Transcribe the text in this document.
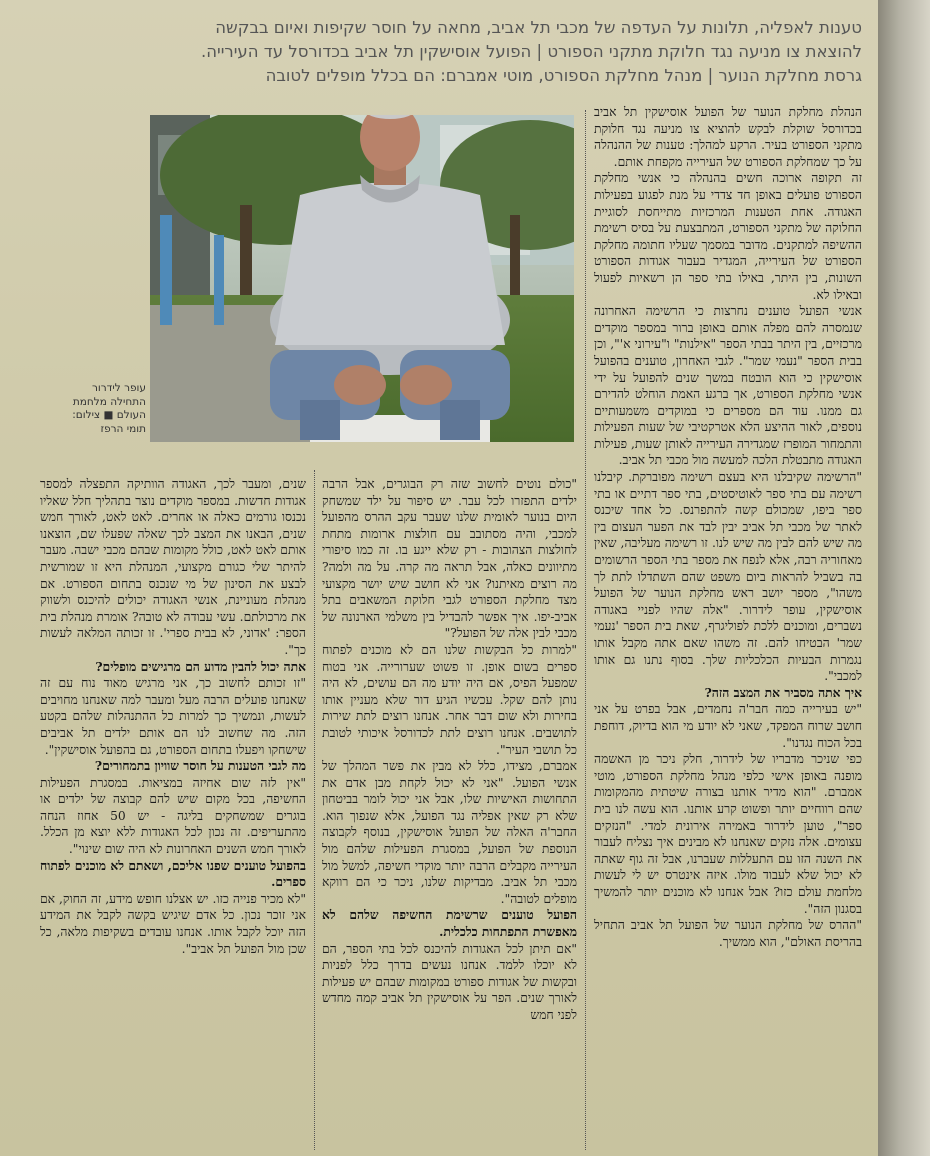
טענות לאפליה, תלונות על העדפה של מכבי תל אביב, מחאה על חוסר שקיפות ואיום בבקשה
להוצאת צו מניעה נגד חלוקת מתקני הספורט | הפועל אוסישקין תל אביב בכדורסל עד העירייה.
גרסת מחלקת הנוער | מנהל מחלקת הספורט, מוטי אמברם: הם בכלל מופלים לטובה
עופר לידרור התחילה מלחמת העולם ■ צילום: תומי הרפז

הנהלת מחלקת הנוער של הפועל אוסישקין תל אביב בכדורסל שוקלת לבקש להוציא צו מניעה נגד חלוקת מתקני הספורט בעיר. הרקע למהלך: טענות של ההנהלה על כך שמחלקת הספורט של העירייה מקפחת אותם.

זה תקופה ארוכה חשים בהנהלה כי אנשי מחלקת הספורט פועלים באופן חד צדדי על מנת לפגוע בפעילות האגודה. אחת הטענות המרכזיות מתייחסת לסוגיית החלוקה של מתקני הספורט, המתבצעת על בסיס רשימת ההשיפה למתקנים. מדובר במסמך שעליו חתומה מחלקת הספורט של העירייה, המגדיר בעבור אגודות הספורט השונות, בין היתר, באילו בתי ספר הן רשאיות לפעול ובאילו לא.

אנשי הפועל טוענים נחרצות כי הרשימה האחרונה שנמסרה להם מפלה אותם באופן ברור במספר מוקדים מרכזיים, בין היתר בבתי הספר "אילנות" ו"עירוני א'", וכן בבית הספר "נעמי שמר". לגבי האחרון, טוענים בהפועל אוסישקין כי הוא הובטח במשך שנים להפועל על ידי אנשי מחלקת הספורט, אך ברגע האמת הוחלט להדירם גם ממנו. עוד הם מספרים כי במוקדים משמעותיים נוספים, לאור ההיצע הלא אטרקטיבי של שעות הפעילות והתמחור המופרז שמגדירה העירייה לאותן שעות, פעילות האגודה מתבטלת הלכה למעשה מול מכבי תל אביב.

"הרשימה שקיבלנו היא בעצם רשימה מפוברקת. קיבלנו רשימה עם בתי ספר לאוטיסטים, בתי ספר דתיים או בתי ספר ביפו, שמכולם קשה להתפרנס. כל אחד שיכנס לאתר של מכבי תל אביב יבין לבד את הפער העצום בין מה שיש להם לבין מה שיש לנו. זו רשימה מעליבה, שאין מאחוריה רבה, אלא לנפח את מספר בתי הספר הרשומים בה בשביל להראות ביום משפט שהם השתדלו לתת לך משהו", מספר יושב ראש מחלקת הנוער של הפועל אוסישקין, עופר לידרור. "אלה שהיו לפניי באגודה נשברים, ומוכנים ללכת לפוליגרף, שאת בית הספר 'נעמי שמר' הבטיחו להם. זה משהו שאם אתה מקבל אותו נגמרות הבעיות הכלכליות שלך. בסוף נתנו גם אותו למכבי".

איך אתה מסביר את המצב הזה?

"יש בעירייה כמה חבר'ה נחמדים, אבל בפרט על אני חושב שרוח המפקד, שאני לא יודע מי הוא בדיוק, דוחפת בכל הכוח נגדנו".

כפי שניכר מדבריו של לידרור, חלק ניכר מן האשמה מופנה באופן אישי כלפי מנהל מחלקת הספורט, מוטי אמברם. "הוא מדיר אותנו בצורה שיטתית מהמקומות שהם רווחיים יותר ופשוט קרע אותנו. הוא עשה לנו בית ספר", טוען לידרור באמירה אירונית למדי. "הנזקים עצומים. אלה נזקים שאנחנו לא מבינים איך נצליח לעבור את השנה הזו עם התעללות שעברנו, אבל זה גוף שאתה לא יכול שלא לעבוד מולו. איזה אינטרס יש לי לעשות מלחמת עולם כזו? אבל אנחנו לא מוכנים יותר להמשיך בסגנון הזה".

"ההרס של מחלקת הנוער של הפועל תל אביב התחיל בהריסת האולם", הוא ממשיך.

"כולם נוטים לחשוב שזה רק הבוגרים, אבל הרבה ילדים התפזרו לכל עבר. יש סיפור על ילד שמשחק היום בנוער לאומית שלנו שעבר עקב ההרס מהפועל למכבי, והיה מסתובב עם חולצות ארומות מתחת לחולצות הצהובות - רק שלא ייגע בו. זה כמו סיפורי מתיוונים כאלה, אבל תראה מה קרה. על מה ולמה? מה רוצים מאיתנו? אני לא חושב שיש יושר מקצועי מצד מחלקת הספורט לגבי חלוקת המשאבים בתל אביב-יפו. איך אפשר להבדיל בין משלמי הארנונה של מכבי לבין אלה של הפועל?"

"למרות כל הבקשות שלנו הם לא מוכנים לפתוח ספרים בשום אופן. זו פשוט שערורייה. אני בטוח שמפעל הפיס, אם היה יודע מה הם עושים, לא היה נותן להם שקל. עכשיו הגיע דור שלא מעניין אותו בחירות ולא שום דבר אחר. אנחנו רוצים לתת שירות לתושבים. אנחנו רוצים לתת לכדורסל איכותי לטובת כל תושבי העיר".

אמברם, מצידו, כלל לא מבין את פשר המהלך של אנשי הפועל. "אני לא יכול לקחת מבן אדם את התחושות האישיות שלו, אבל אני יכול לומר בביטחון שלא רק שאין אפליה נגד הפועל, אלא שנפוך הוא. החבר'ה האלה של הפועל אוסישקין, בנוסף לקבוצה הנוספת של הפועל, במסגרת הפעילות שלהם מול העירייה מקבלים הרבה יותר מוקדי חשיפה, למשל מול מכבי תל אביב. מבדיקות שלנו, ניכר כי הם רווקא מופלים לטובה".

הפועל טוענים שרשימת החשיפה שלהם לא מאפשרת התפתחות כלכלית.

"אם תיתן לכל האגודות להיכנס לכל בתי הספר, הם לא יוכלו ללמד. אנחנו נעשים בדרך כלל לפניות ובקשות של אגודות ספורט במקומות שבהם יש פעילות לאורך שנים. הפר על אוסישקין תל אביב קמה מחדש לפני חמש

שנים, ומעבר לכך, האגודה הוותיקה התפצלה למספר אגודות חדשות. במספר מוקדים נוצר בתהליך חלל שאליו נכנסו גורמים כאלה או אחרים. לאט לאט, לאורך חמש שנים, הבאנו את המצב לכך שאלה שפעלו שם, הוצאנו אותם לאט לאט, כולל מקומות שבהם מכבי ישבה. מעבר להיתר שלי כגורם מקצועי, המנהלת היא זו שמורשית לבצע את הסינון של מי שנכנס בתחום הספורט. אם מנהלת מעוניינת, אנשי האגודה יכולים להיכנס ולשווק את מרכולתם. עשי עבודה לא טובה? אומרת מנהלת בית הספר: 'אדוני, לא בבית ספרי'. זו זכותה המלאה לעשות כך".

אתה יכול להבין מדוע הם מרגישים מופלים?

"זו זכותם לחשוב כך, אני מרגיש מאוד נוח עם זה שאנחנו פועלים הרבה מעל ומעבר למה שאנחנו מחויבים לעשות, ונמשיך כך למרות כל ההתנהלות שלהם בקטע הזה. מה שחשוב לנו הם אותם ילדים תל אביבים שישחקו ויפעלו בתחום הספורט, גם בהפועל אוסישקין".

מה לגבי הטענות על חוסר שוויון בתמחורים?

"אין לזה שום אחיזה במציאות. במסגרת הפעילות החשיפה, בכל מקום שיש להם קבוצה של ילדים או בוגרים שמשחקים בליגה - יש 50 אחוז הנחה מהתעריפים. זה נכון לכל האגודות ללא יוצא מן הכלל. לאורך חמש השנים האחרונות לא היה שום שינוי".

בהפועל טוענים שפנו אליכם, ושאתם לא מוכנים לפתוח ספרים.

"לא מכיר פנייה כזו. יש אצלנו חופש מידע, זה החוק, אם אני זוכר נכון. כל אדם שיגיש בקשה לקבל את המידע הזה יוכל לקבל אותו. אנחנו עובדים בשקיפות מלאה, כל שכן מול הפועל תל אביב".
